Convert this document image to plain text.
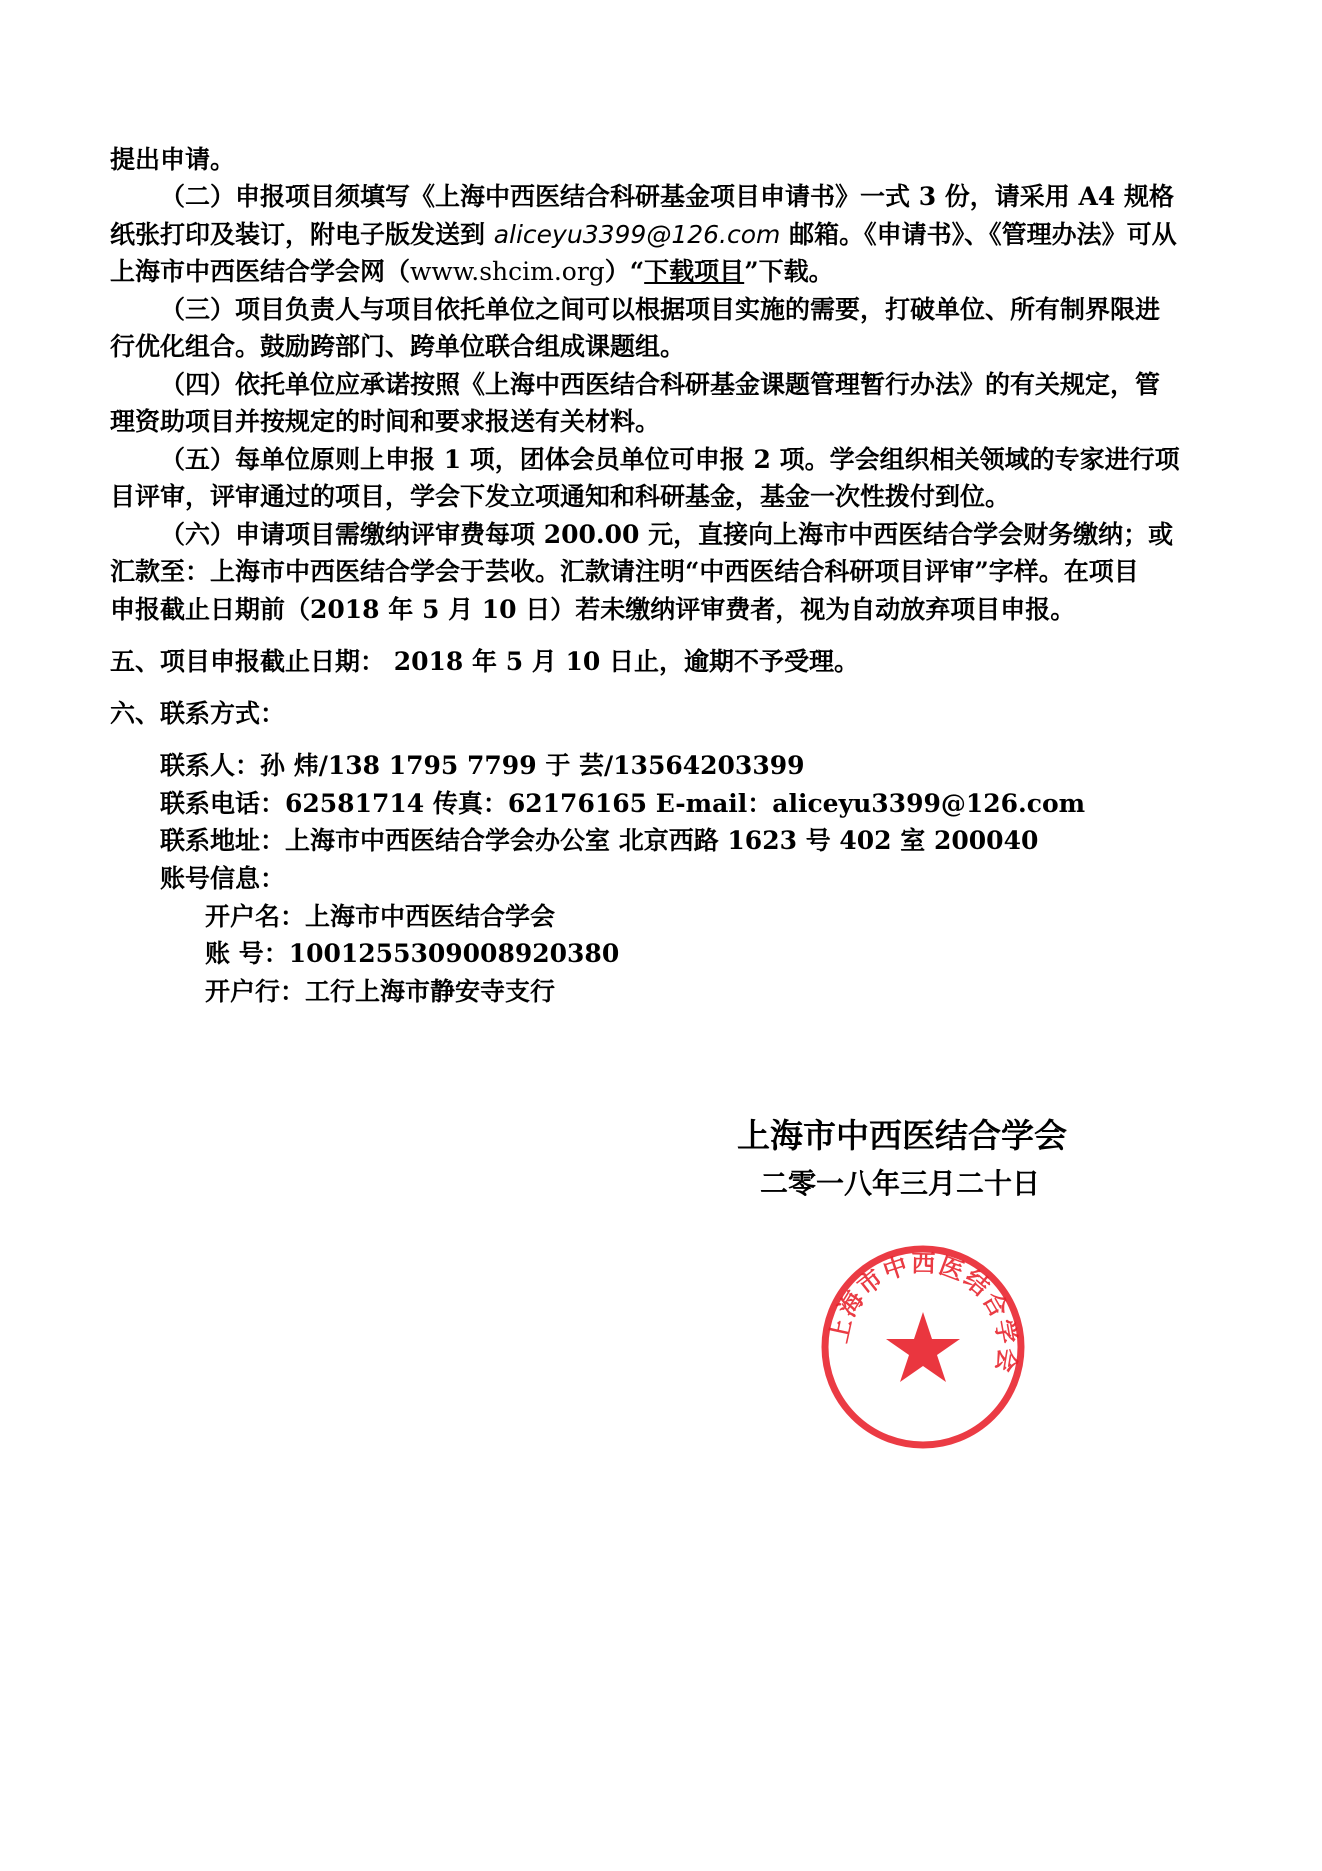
提出申请。
（二）申报项目须填写《上海中西医结合科研基金项目申请书》一式 3 份，请采用 A4 规格
纸张打印及装订，附电子版发送到 aliceyu3399@126.com 邮箱。《申请书》、《管理办法》可从
上海市中西医结合学会网（www.shcim.org）“下载项目”下载。
（三）项目负责人与项目依托单位之间可以根据项目实施的需要，打破单位、所有制界限进
行优化组合。鼓励跨部门、跨单位联合组成课题组。
（四）依托单位应承诺按照《上海中西医结合科研基金课题管理暂行办法》的有关规定，管
理资助项目并按规定的时间和要求报送有关材料。
（五）每单位原则上申报 1 项，团体会员单位可申报 2 项。学会组织相关领域的专家进行项
目评审，评审通过的项目，学会下发立项通知和科研基金，基金一次性拨付到位。
（六）申请项目需缴纳评审费每项 200.00 元，直接向上海市中西医结合学会财务缴纳；或
汇款至：上海市中西医结合学会于芸收。汇款请注明“中西医结合科研项目评审”字样。在项目
申报截止日期前（2018 年 5 月 10 日）若未缴纳评审费者，视为自动放弃项目申报。
五、项目申报截止日期： 2018 年 5 月 10 日止，逾期不予受理。
六、联系方式：
联系人：孙 炜/138 1795 7799 于 芸/13564203399
联系电话：62581714 传真：62176165 E-mail：aliceyu3399@126.com
联系地址：上海市中西医结合学会办公室 北京西路 1623 号 402 室 200040
账号信息：
开户名：上海市中西医结合学会
账 号：1001255309008920380
开户行：工行上海市静安寺支行
上海市中西医结合学会
二零一八年三月二十日
上海市中西医结合学会
